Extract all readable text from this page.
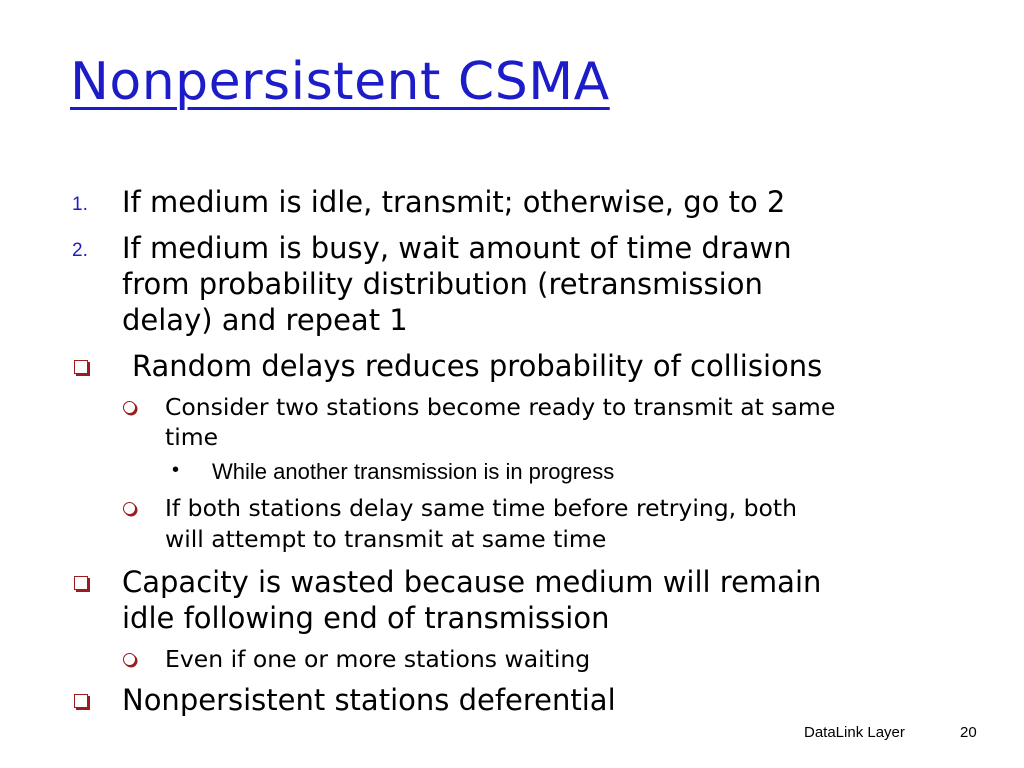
Nonpersistent CSMA
1. If medium is idle, transmit; otherwise, go to 2
2. If medium is busy, wait amount of time drawn
from probability distribution (retransmission
delay) and repeat 1
Random delays reduces probability of collisions
Consider two stations become ready to transmit at same
time
• While another transmission is in progress
If both stations delay same time before retrying, both
will attempt to transmit at same time
Capacity is wasted because medium will remain
idle following end of transmission
Even if one or more stations waiting
Nonpersistent stations deferential
DataLink Layer	20
